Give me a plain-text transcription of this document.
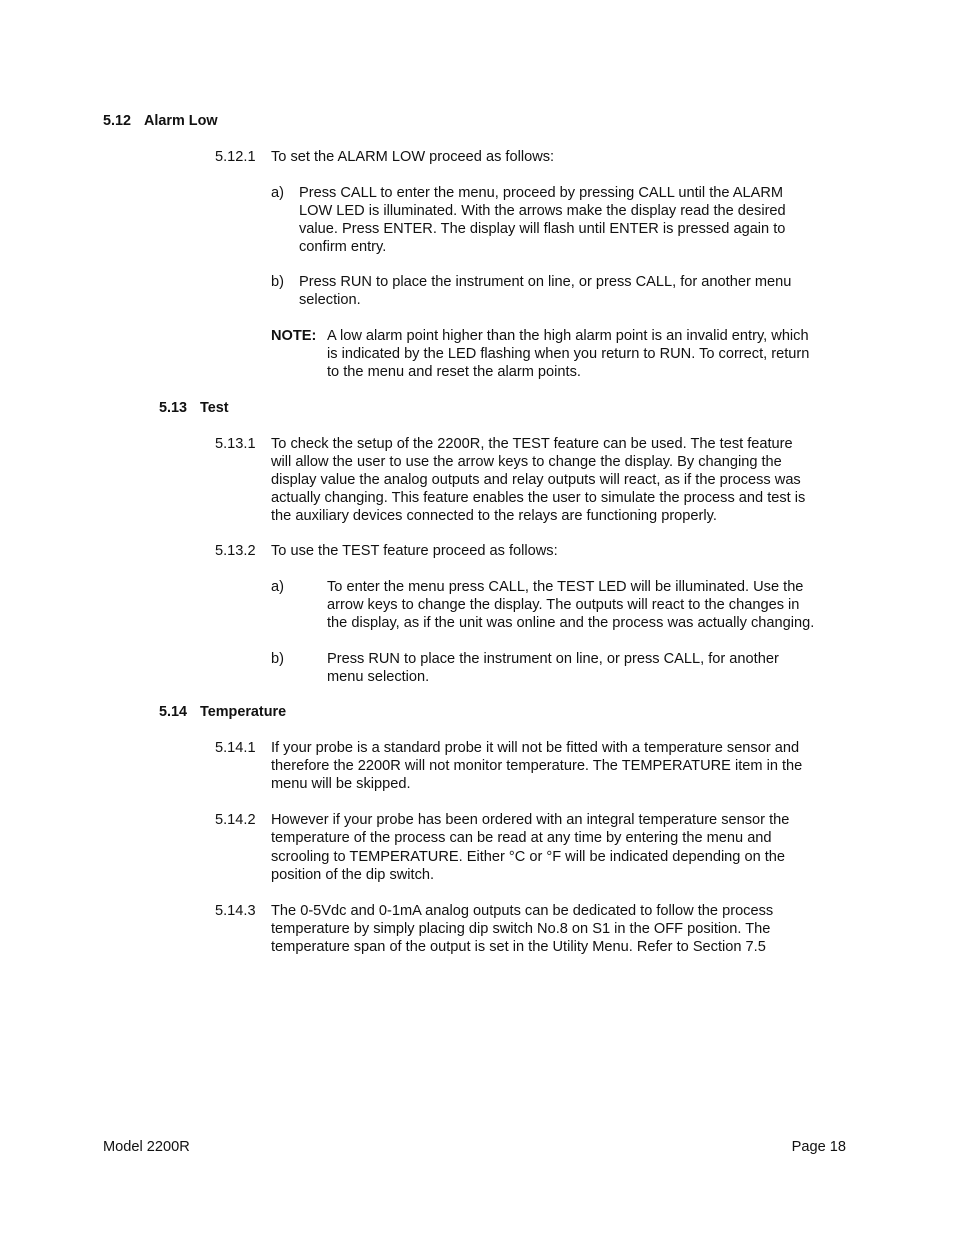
5.12 Alarm Low
5.12.1 To set the ALARM LOW proceed as follows:
a) Press CALL to enter the menu, proceed by pressing CALL until the ALARM
LOW LED is illuminated. With the arrows make the display read the desired
value. Press ENTER. The display will flash until ENTER is pressed again to
confirm entry.
b) Press RUN to place the instrument on line, or press CALL, for another menu
selection.
NOTE: A low alarm point higher than the high alarm point is an invalid entry, which
is indicated by the LED flashing when you return to RUN. To correct, return
to the menu and reset the alarm points.
5.13 Test
5.13.1 To check the setup of the 2200R, the TEST feature can be used. The test feature
will allow the user to use the arrow keys to change the display. By changing the
display value the analog outputs and relay outputs will react, as if the process was
actually changing. This feature enables the user to simulate the process and test is
the auxiliary devices connected to the relays are functioning properly.
5.13.2 To use the TEST feature proceed as follows:
a)	To enter the menu press CALL, the TEST LED will be illuminated. Use the
arrow keys to change the display. The outputs will react to the changes in
the display, as if the unit was online and the process was actually changing.
b)	Press RUN to place the instrument on line, or press CALL, for another
menu selection.
5.14 Temperature
5.14.1 If your probe is a standard probe it will not be fitted with a temperature sensor and
therefore the 2200R will not monitor temperature. The TEMPERATURE item in the
menu will be skipped.
5.14.2 However if your probe has been ordered with an integral temperature sensor the
temperature of the process can be read at any time by entering the menu and
scrooling to TEMPERATURE. Either °C or °F will be indicated depending on the
position of the dip switch.
5.14.3 The 0-5Vdc and 0-1mA analog outputs can be dedicated to follow the process
temperature by simply placing dip switch No.8 on S1 in the OFF position. The
temperature span of the output is set in the Utility Menu. Refer to Section 7.5
Model 2200R	Page 18
